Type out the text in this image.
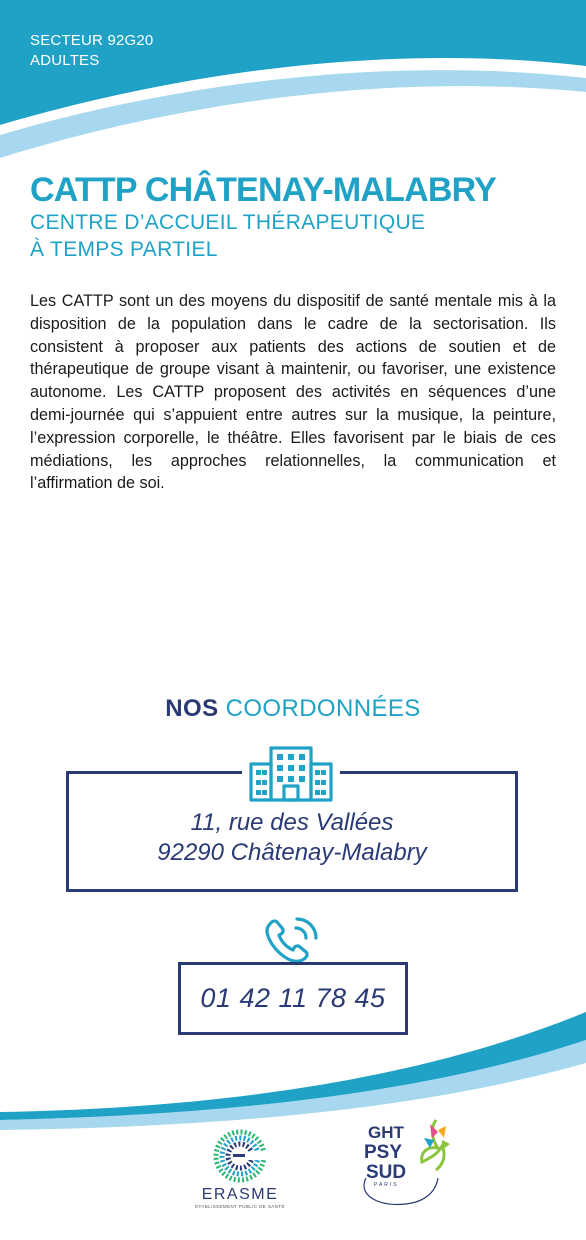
SECTEUR 92G20
ADULTES
CATTP CHÂTENAY-MALABRY
CENTRE D’ACCUEIL THÉRAPEUTIQUE
À TEMPS PARTIEL

Les CATTP sont un des moyens du dispositif de santé mentale mis à la disposition de la population dans le cadre de la sectorisation. Ils consistent à proposer aux patients des actions de soutien et de thérapeutique de groupe visant à maintenir, ou favoriser, une existence autonome. Les CATTP proposent des activités en séquences d’une demi-journée qui s’appuient entre autres sur la musique, la peinture, l’expression corporelle, le théâtre. Elles favorisent par le biais de ces médiations, les approches relationnelles, la communication et l’affirmation de soi.

NOS COORDONNÉES
11, rue des Vallées
92290 Châtenay-Malabry
01 42 11 78 45
ERASME
ÉTABLISSEMENT PUBLIC DE SANTÉ
GHT
PSY
SUD
PARIS
